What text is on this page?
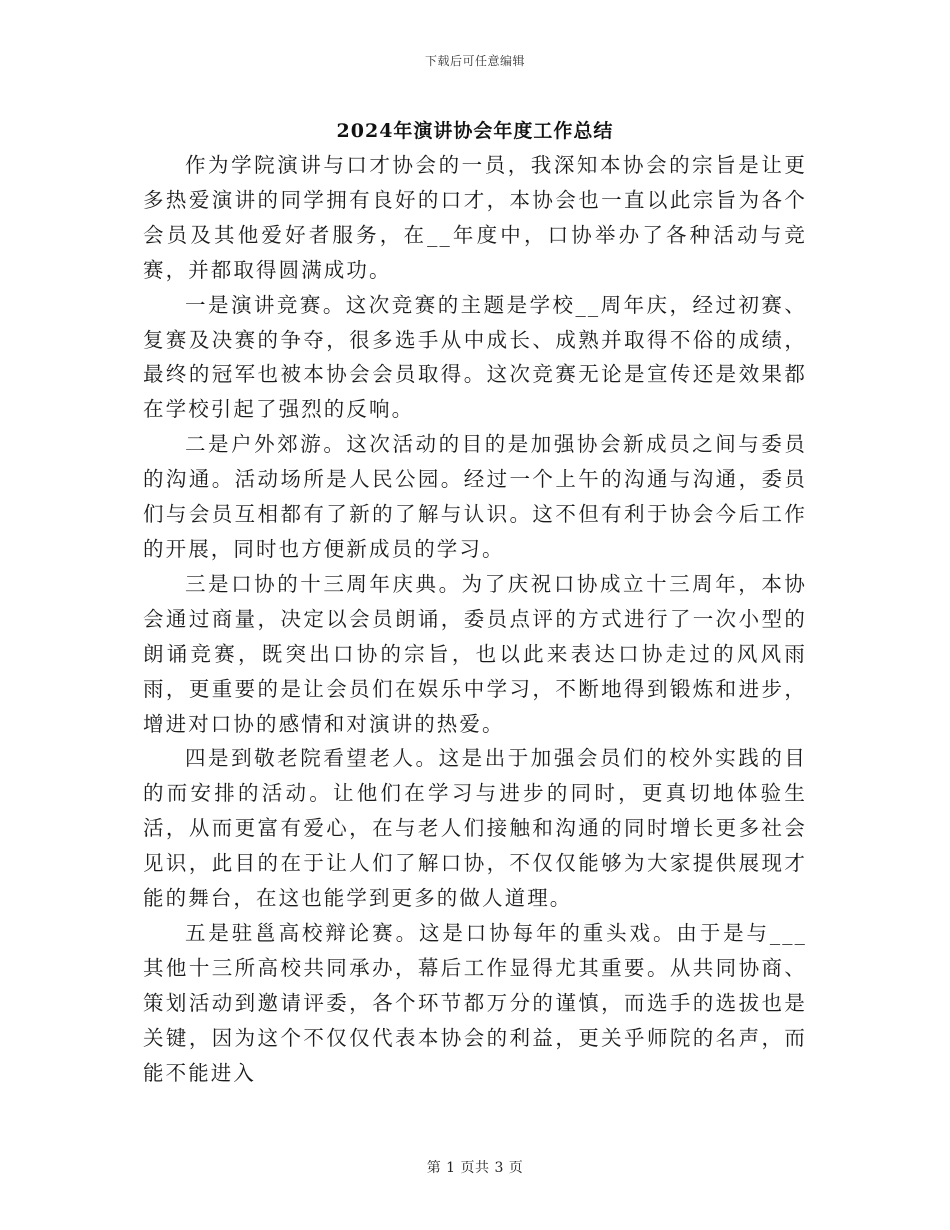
下载后可任意编辑
2024年演讲协会年度工作总结

作为学院演讲与口才协会的一员，我深知本协会的宗旨是让更多热爱演讲的同学拥有良好的口才，本协会也一直以此宗旨为各个会员及其他爱好者服务，在__年度中，口协举办了各种活动与竞赛，并都取得圆满成功。

一是演讲竞赛。这次竞赛的主题是学校__周年庆，经过初赛、复赛及决赛的争夺，很多选手从中成长、成熟并取得不俗的成绩，最终的冠军也被本协会会员取得。这次竞赛无论是宣传还是效果都在学校引起了强烈的反响。

二是户外郊游。这次活动的目的是加强协会新成员之间与委员的沟通。活动场所是人民公园。经过一个上午的沟通与沟通，委员们与会员互相都有了新的了解与认识。这不但有利于协会今后工作的开展，同时也方便新成员的学习。

三是口协的十三周年庆典。为了庆祝口协成立十三周年，本协会通过商量，决定以会员朗诵，委员点评的方式进行了一次小型的朗诵竞赛，既突出口协的宗旨，也以此来表达口协走过的风风雨雨，更重要的是让会员们在娱乐中学习，不断地得到锻炼和进步，增进对口协的感情和对演讲的热爱。

四是到敬老院看望老人。这是出于加强会员们的校外实践的目的而安排的活动。让他们在学习与进步的同时，更真切地体验生活，从而更富有爱心，在与老人们接触和沟通的同时增长更多社会见识，此目的在于让人们了解口协，不仅仅能够为大家提供展现才能的舞台，在这也能学到更多的做人道理。

五是驻邕高校辩论赛。这是口协每年的重头戏。由于是与___其他十三所高校共同承办，幕后工作显得尤其重要。从共同协商、策划活动到邀请评委，各个环节都万分的谨慎，而选手的选拔也是关键，因为这个不仅仅代表本协会的利益，更关乎师院的名声，而能不能进入

第 1 页共 3 页
